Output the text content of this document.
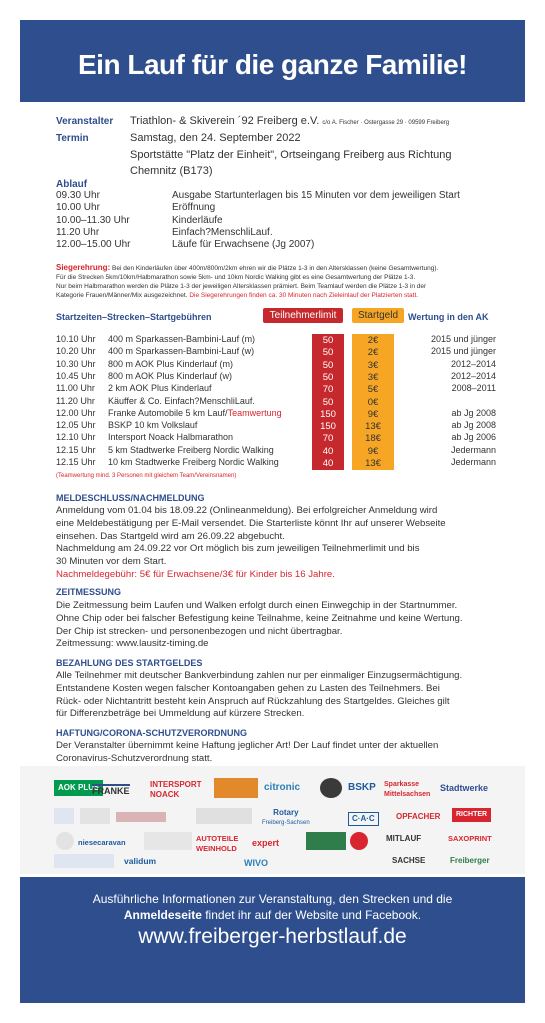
Ein Lauf für die ganze Familie!
Veranstalter Triathlon- & Skiverein ´92 Freiberg e.V. c/o A. Fischer · Ostergasse 29 · 09599 Freiberg
Termin	Samstag, den 24. September 2022
Sportstätte "Platz der Einheit", Ortseingang Freiberg aus Richtung
Chemnitz (B173)
Ablauf
09.30 Uhr	Ausgabe Startunterlagen bis 15 Minuten vor dem jeweiligen Start
10.00 Uhr	Eröffnung
10.00–11.30 Uhr	Kinderläufe
11.20 Uhr	Einfach?MenschliLauf.
12.00–15.00 Uhr	Läufe für Erwachsene (Jg 2007)
Siegerehrung: Bei den Kinderläufen über 400m/800m/2km ehren wir die Plätze 1-3 in den Altersklassen (keine Gesamtwertung).
Für die Strecken 5km/10km/Halbmarathon sowie 5km- und 10km Nordic Walking gibt es eine Gesamtwertung der Plätze 1-3.
Nur beim Halbmarathon werden die Plätze 1-3 der jeweiligen Altersklassen prämiert. Beim Teamlauf werden die Plätze 1-3 in der
Kategorie Frauen/Männer/Mix ausgezeichnet. Die Siegerehrungen finden ca. 30 Minuten nach Zieleinlauf der Platzierten statt.
Startzeiten–Strecken–Startgebühren	Teilnehmerlimit	Startgeld	Wertung in den AK
10.10 Uhr 400 m Sparkassen-Bambini-Lauf (m)	50	2€	2015 und jünger
10.20 Uhr 400 m Sparkassen-Bambini-Lauf (w)	50	2€	2015 und jünger
10.30 Uhr 800 m AOK Plus Kinderlauf (m)	50	3€	2012–2014
10.45 Uhr 800 m AOK Plus Kinderlauf (w)	50	3€	2012–2014
11.00 Uhr 2 km AOK Plus Kinderlauf	70	5€	2008–2011
11.20 Uhr Käuffer & Co. Einfach?MenschliLauf.	50	0€
12.00 Uhr Franke Automobile 5 km Lauf/Teamwertung	150	9€	ab Jg 2008
12.05 Uhr BSKP 10 km Volkslauf	150	13€	ab Jg 2008
12.10 Uhr Intersport Noack Halbmarathon	70	18€	ab Jg 2006
12.15 Uhr 5 km Stadtwerke Freiberg Nordic Walking	40	9€	Jedermann
12.15 Uhr 10 km Stadtwerke Freiberg Nordic Walking	40	13€	Jedermann
(Teamwertung mind. 3 Personen mit gleichem Team/Vereinsnamen)
MELDESCHLUSS/NACHMELDUNG
Anmeldung vom 01.04 bis 18.09.22 (Onlineanmeldung). Bei erfolgreicher Anmeldung wird
eine Meldebestätigung per E-Mail versendet. Die Starterliste könnt Ihr auf unserer Webseite
einsehen. Das Startgeld wird am 26.09.22 abgebucht.
Nachmeldung am 24.09.22 vor Ort möglich bis zum jeweiligen Teilnehmerlimit und bis
30 Minuten vor dem Start.
Nachmeldegebühr: 5€ für Erwachsene/3€ für Kinder bis 16 Jahre.
ZEITMESSUNG
Die Zeitmessung beim Laufen und Walken erfolgt durch einen Einwegchip in der Startnummer.
Ohne Chip oder bei falscher Befestigung keine Teilnahme, keine Zeitnahme und keine Wertung.
Der Chip ist strecken- und personenbezogen und nicht übertragbar.
Zeitmessung: www.lausitz-timing.de
BEZAHLUNG DES STARTGELDES
Alle Teilnehmer mit deutscher Bankverbindung zahlen nur per einmaliger Einzugsermächtigung.
Entstandene Kosten wegen falscher Kontoangaben gehen zu Lasten des Teilnehmers. Bei
Rück- oder Nichtantritt besteht kein Anspruch auf Rückzahlung des Startgeldes. Gleiches gilt
für Differenzbeträge bei Ummeldung auf kürzere Strecken.
HAFTUNG/CORONA-SCHUTZVERORDNUNG
Der Veranstalter übernimmt keine Haftung jeglicher Art! Der Lauf findet unter der aktuellen
Coronavirus-Schutzverordnung statt.
AOK PLUS
FRANKE
INTERSPORT NOACK
citronic	BSKP Sparkasse Mittelsachsen
Stadtwerke
Rotary
Freiberg-Sachsen	C·A·C	OPFACHER	RICHTER
niesecaravan	AUTOTEILE WEINHOLD
expert	MITLAUF	SAXOPRINT
validum	WIVO	SACHSE	Freiberger
Ausführliche Informationen zur Veranstaltung, den Strecken und die
Anmeldeseite findet ihr auf der Website und Facebook.
www.freiberger-herbstlauf.de
